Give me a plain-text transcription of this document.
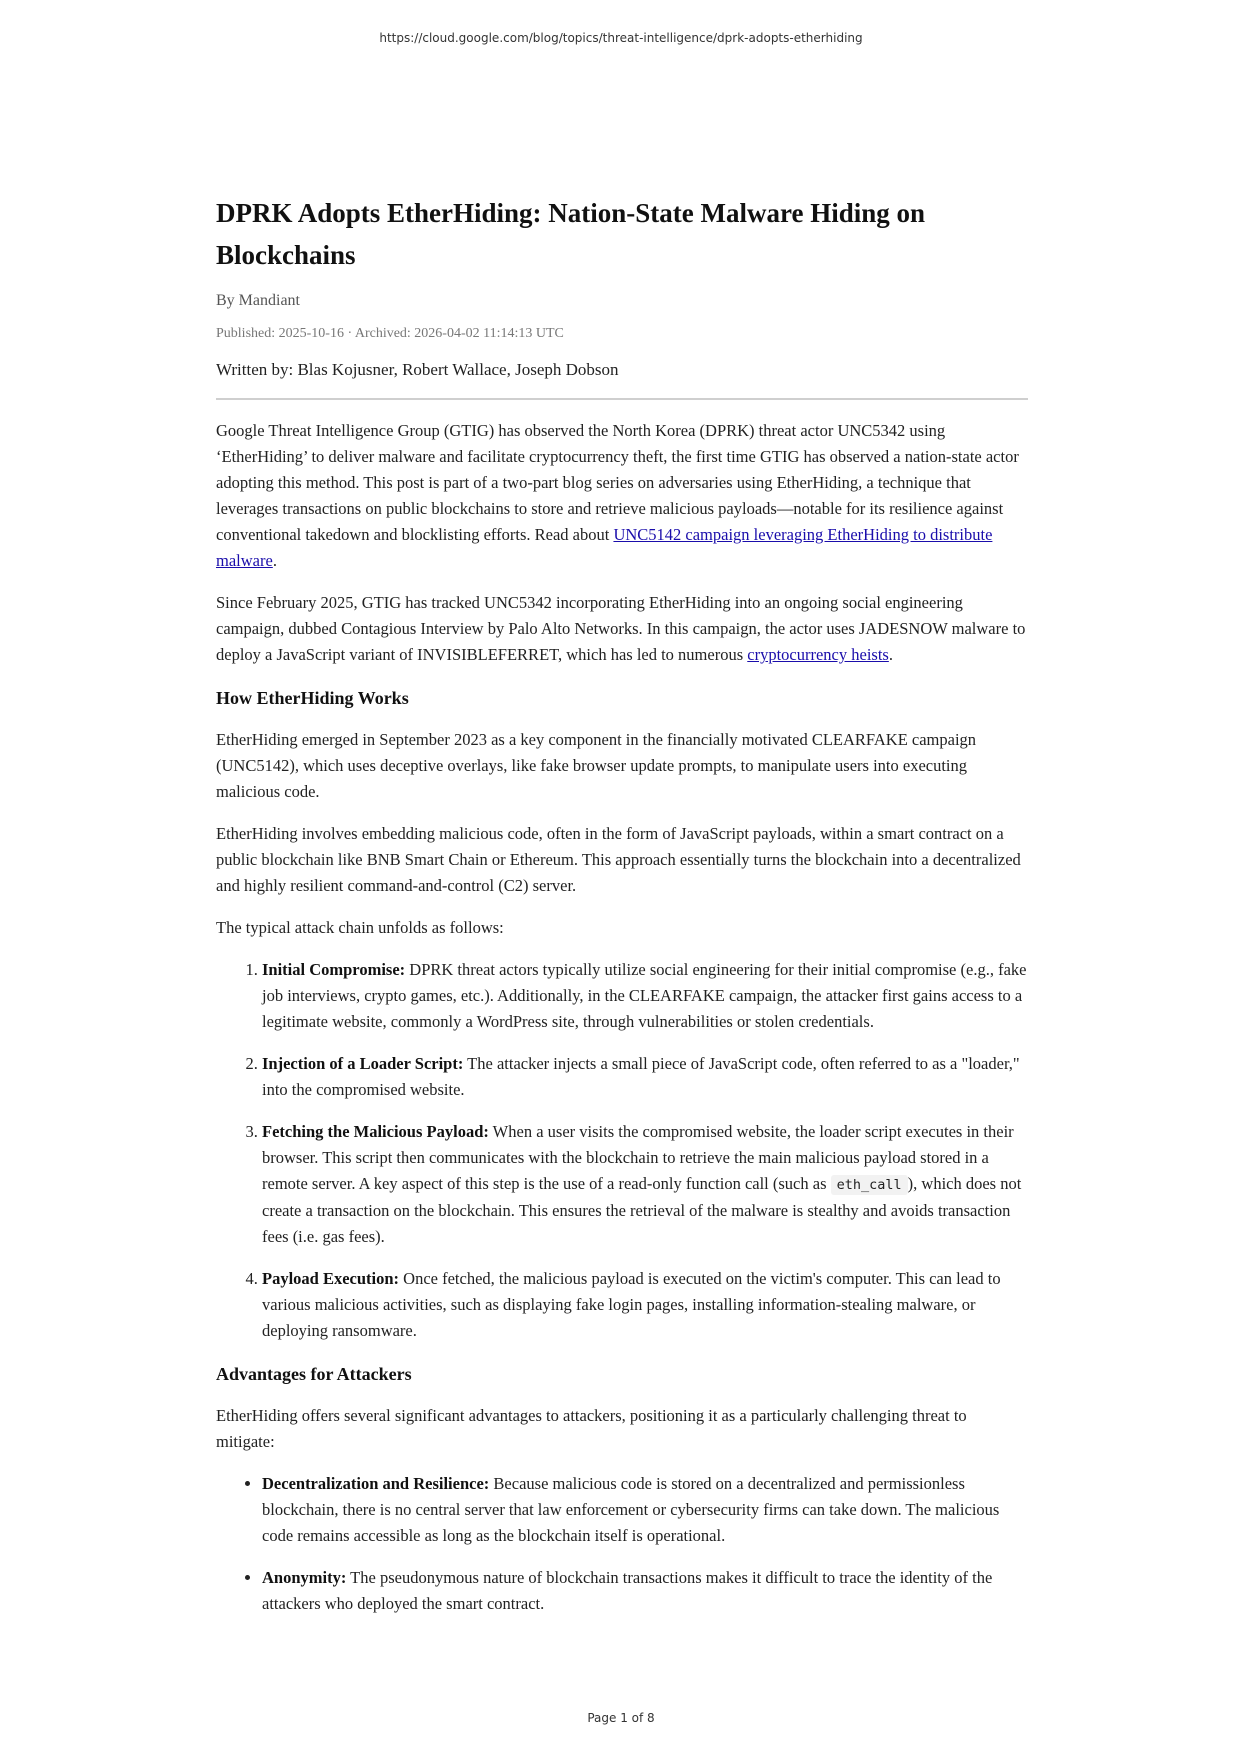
https://cloud.google.com/blog/topics/threat-intelligence/dprk-adopts-etherhiding
DPRK Adopts EtherHiding: Nation-State Malware Hiding on Blockchains
By Mandiant
Published: 2025-10-16 · Archived: 2026-04-02 11:14:13 UTC
Written by: Blas Kojusner, Robert Wallace, Joseph Dobson

Google Threat Intelligence Group (GTIG) has observed the North Korea (DPRK) threat actor UNC5342 using ‘EtherHiding’ to deliver malware and facilitate cryptocurrency theft, the first time GTIG has observed a nation-state actor adopting this method. This post is part of a two-part blog series on adversaries using EtherHiding, a technique that leverages transactions on public blockchains to store and retrieve malicious payloads—notable for its resilience against conventional takedown and blocklisting efforts. Read about UNC5142 campaign leveraging EtherHiding to distribute malware.

Since February 2025, GTIG has tracked UNC5342 incorporating EtherHiding into an ongoing social engineering campaign, dubbed Contagious Interview by Palo Alto Networks. In this campaign, the actor uses JADESNOW malware to deploy a JavaScript variant of INVISIBLEFERRET, which has led to numerous cryptocurrency heists.

How EtherHiding Works

EtherHiding emerged in September 2023 as a key component in the financially motivated CLEARFAKE campaign (UNC5142), which uses deceptive overlays, like fake browser update prompts, to manipulate users into executing malicious code.

EtherHiding involves embedding malicious code, often in the form of JavaScript payloads, within a smart contract on a public blockchain like BNB Smart Chain or Ethereum. This approach essentially turns the blockchain into a decentralized and highly resilient command-and-control (C2) server.

The typical attack chain unfolds as follows:

1. Initial Compromise: DPRK threat actors typically utilize social engineering for their initial compromise (e.g., fake job interviews, crypto games, etc.). Additionally, in the CLEARFAKE campaign, the attacker first gains access to a legitimate website, commonly a WordPress site, through vulnerabilities or stolen credentials.
2. Injection of a Loader Script: The attacker injects a small piece of JavaScript code, often referred to as a "loader," into the compromised website.
3. Fetching the Malicious Payload: When a user visits the compromised website, the loader script executes in their browser. This script then communicates with the blockchain to retrieve the main malicious payload stored in a remote server. A key aspect of this step is the use of a read-only function call (such as eth_call ), which does not create a transaction on the blockchain. This ensures the retrieval of the malware is stealthy and avoids transaction fees (i.e. gas fees).
4. Payload Execution: Once fetched, the malicious payload is executed on the victim's computer. This can lead to various malicious activities, such as displaying fake login pages, installing information-stealing malware, or deploying ransomware.
Advantages for Attackers

EtherHiding offers several significant advantages to attackers, positioning it as a particularly challenging threat to mitigate:

• Decentralization and Resilience: Because malicious code is stored on a decentralized and permissionless blockchain, there is no central server that law enforcement or cybersecurity firms can take down. The malicious code remains accessible as long as the blockchain itself is operational.
• Anonymity: The pseudonymous nature of blockchain transactions makes it difficult to trace the identity of the attackers who deployed the smart contract.
Page 1 of 8
